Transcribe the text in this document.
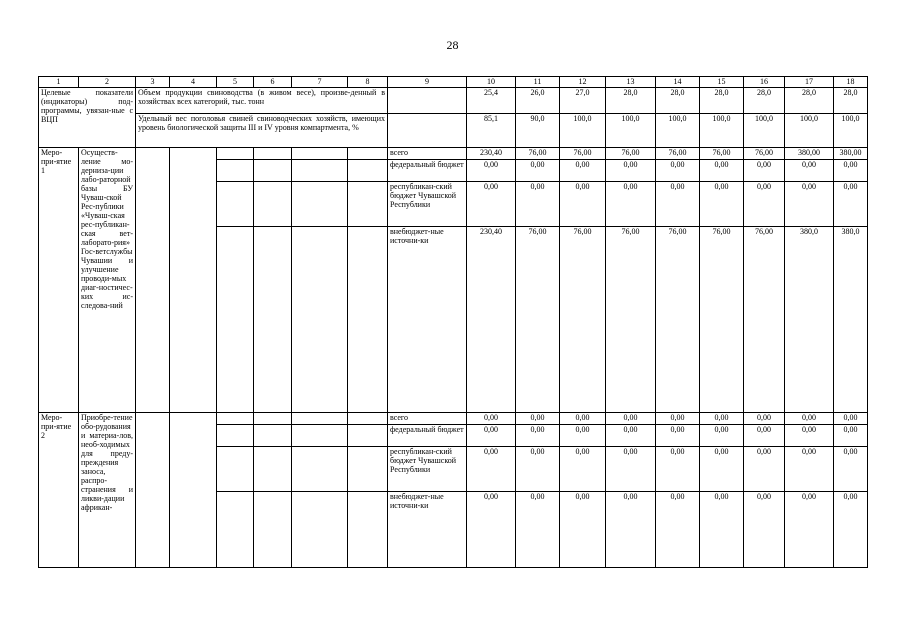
28
1	2	3	4	5	6	7	8	9	10	11	12	13	14	15	16	17	18
Целевые показатели (индикаторы) под-программы, увязан-ные с ВЦП		Объем продукции свиноводства (в живом весе), произве-денный в хозяйствах всех категорий, тыс. тонн							25,4	26,0	27,0	28,0	28,0	28,0	28,0	28,0	28,0
		Удельный вес поголовья свиней свиноводческих хозяйств, имеющих уровень биологической защиты III и IV уровня компартмента, %							85,1	90,0	100,0	100,0	100,0	100,0	100,0	100,0	100,0
Меро-при-ятие 1	Осуществ-ление мо-дерниза-ции лабо-раторной базы БУ Чуваш-ской Рес-публики «Чуваш-ская рес-публикан-ская вет-лаборато-рия» Гос-ветслужбы Чувашии и улучшение проводи-мых диаг-ностичес-ких ис-следова-ний							всего	230,40	76,00	76,00	76,00	76,00	76,00	76,00	380,00	380,00
								федеральный бюджет	0,00	0,00	0,00	0,00	0,00	0,00	0,00	0,00	0,00
								республикан-ский бюджет Чувашской Республики	0,00	0,00	0,00	0,00	0,00	0,00	0,00	0,00	0,00
								внебюджет-ные источни-ки	230,40	76,00	76,00	76,00	76,00	76,00	76,00	380,0	380,0
Меро-при-ятие 2	Приобре-тение обо-рудования и материа-лов, необ-ходимых для преду-преждения заноса, распро-странения и ликви-дации африкан-							всего	0,00	0,00	0,00	0,00	0,00	0,00	0,00	0,00	0,00
								федеральный бюджет	0,00	0,00	0,00	0,00	0,00	0,00	0,00	0,00	0,00
								республикан-ский бюджет Чувашской Республики	0,00	0,00	0,00	0,00	0,00	0,00	0,00	0,00	0,00
								внебюджет-ные источни-ки	0,00	0,00	0,00	0,00	0,00	0,00	0,00	0,00	0,00
